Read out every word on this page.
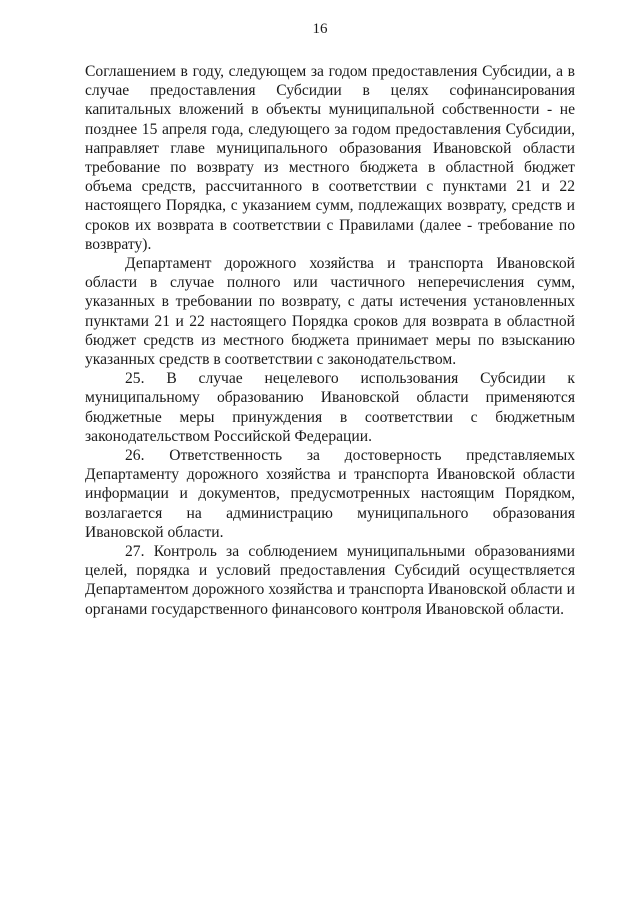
16

Соглашением в году, следующем за годом предоставления Субсидии, а в случае предоставления Субсидии в целях софинансирования капитальных вложений в объекты муниципальной собственности - не позднее 15 апреля года, следующего за годом предоставления Субсидии, направляет главе муниципального образования Ивановской области требование по возврату из местного бюджета в областной бюджет объема средств, рассчитанного в соответствии с пунктами 21 и 22 настоящего Порядка, с указанием сумм, подлежащих возврату, средств и сроков их возврата в соответствии с Правилами (далее - требование по возврату).

Департамент дорожного хозяйства и транспорта Ивановской области в случае полного или частичного неперечисления сумм, указанных в требовании по возврату, с даты истечения установленных пунктами 21 и 22 настоящего Порядка сроков для возврата в областной бюджет средств из местного бюджета принимает меры по взысканию указанных средств в соответствии с законодательством.

25. В случае нецелевого использования Субсидии к муниципальному образованию Ивановской области применяются бюджетные меры принуждения в соответствии с бюджетным законодательством Российской Федерации.

26. Ответственность за достоверность представляемых Департаменту дорожного хозяйства и транспорта Ивановской области информации и документов, предусмотренных настоящим Порядком, возлагается на администрацию муниципального образования Ивановской области.

27. Контроль за соблюдением муниципальными образованиями целей, порядка и условий предоставления Субсидий осуществляется Департаментом дорожного хозяйства и транспорта Ивановской области и органами государственного финансового контроля Ивановской области.
